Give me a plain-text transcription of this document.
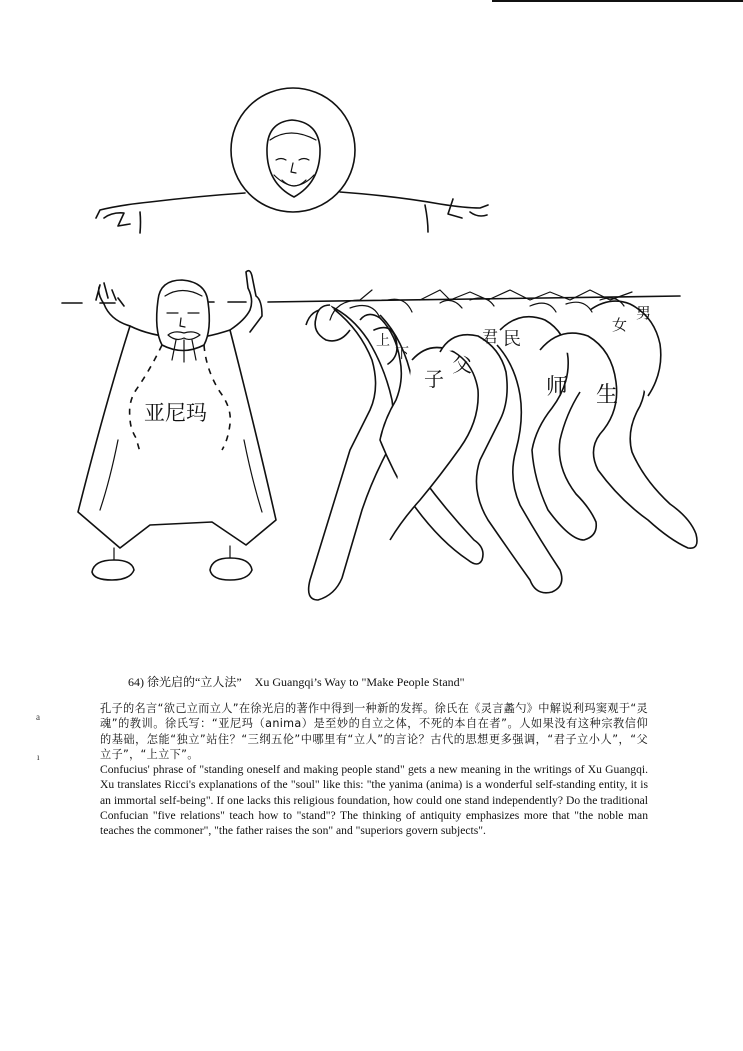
亚尼玛
上
下
子
父
君 民
师 生
女
男
64) 徐光启的“立人法” Xu Guangqi’s Way to "Make People Stand"

孔子的名言“欲己立而立人”在徐光启的著作中得到一种新的发挥。徐氏在《灵言蠡勺》中解说利玛窦观于“灵魂”的教训。徐氏写：“亚尼玛（anima）是至妙的自立之体，不死的本自在者”。人如果没有这种宗教信仰的基础，怎能“独立”站住？“三纲五伦”中哪里有“立人”的言论？古代的思想更多强调，“君子立小人”，“父立子”，“上立下”。

Confucius' phrase of "standing oneself and making people stand" gets a new meaning in the writings of Xu Guangqi. Xu translates Ricci's explanations of the "soul" like this: "the yanima (anima) is a wonderful self-standing entity, it is an immortal self-being". If one lacks this religious foundation, how could one stand independently? Do the traditional Confucian "five relations" teach how to "stand"? The thinking of antiquity emphasizes more that "the noble man teaches the commoner", "the father raises the son" and "superiors govern subjects".

a
ı
